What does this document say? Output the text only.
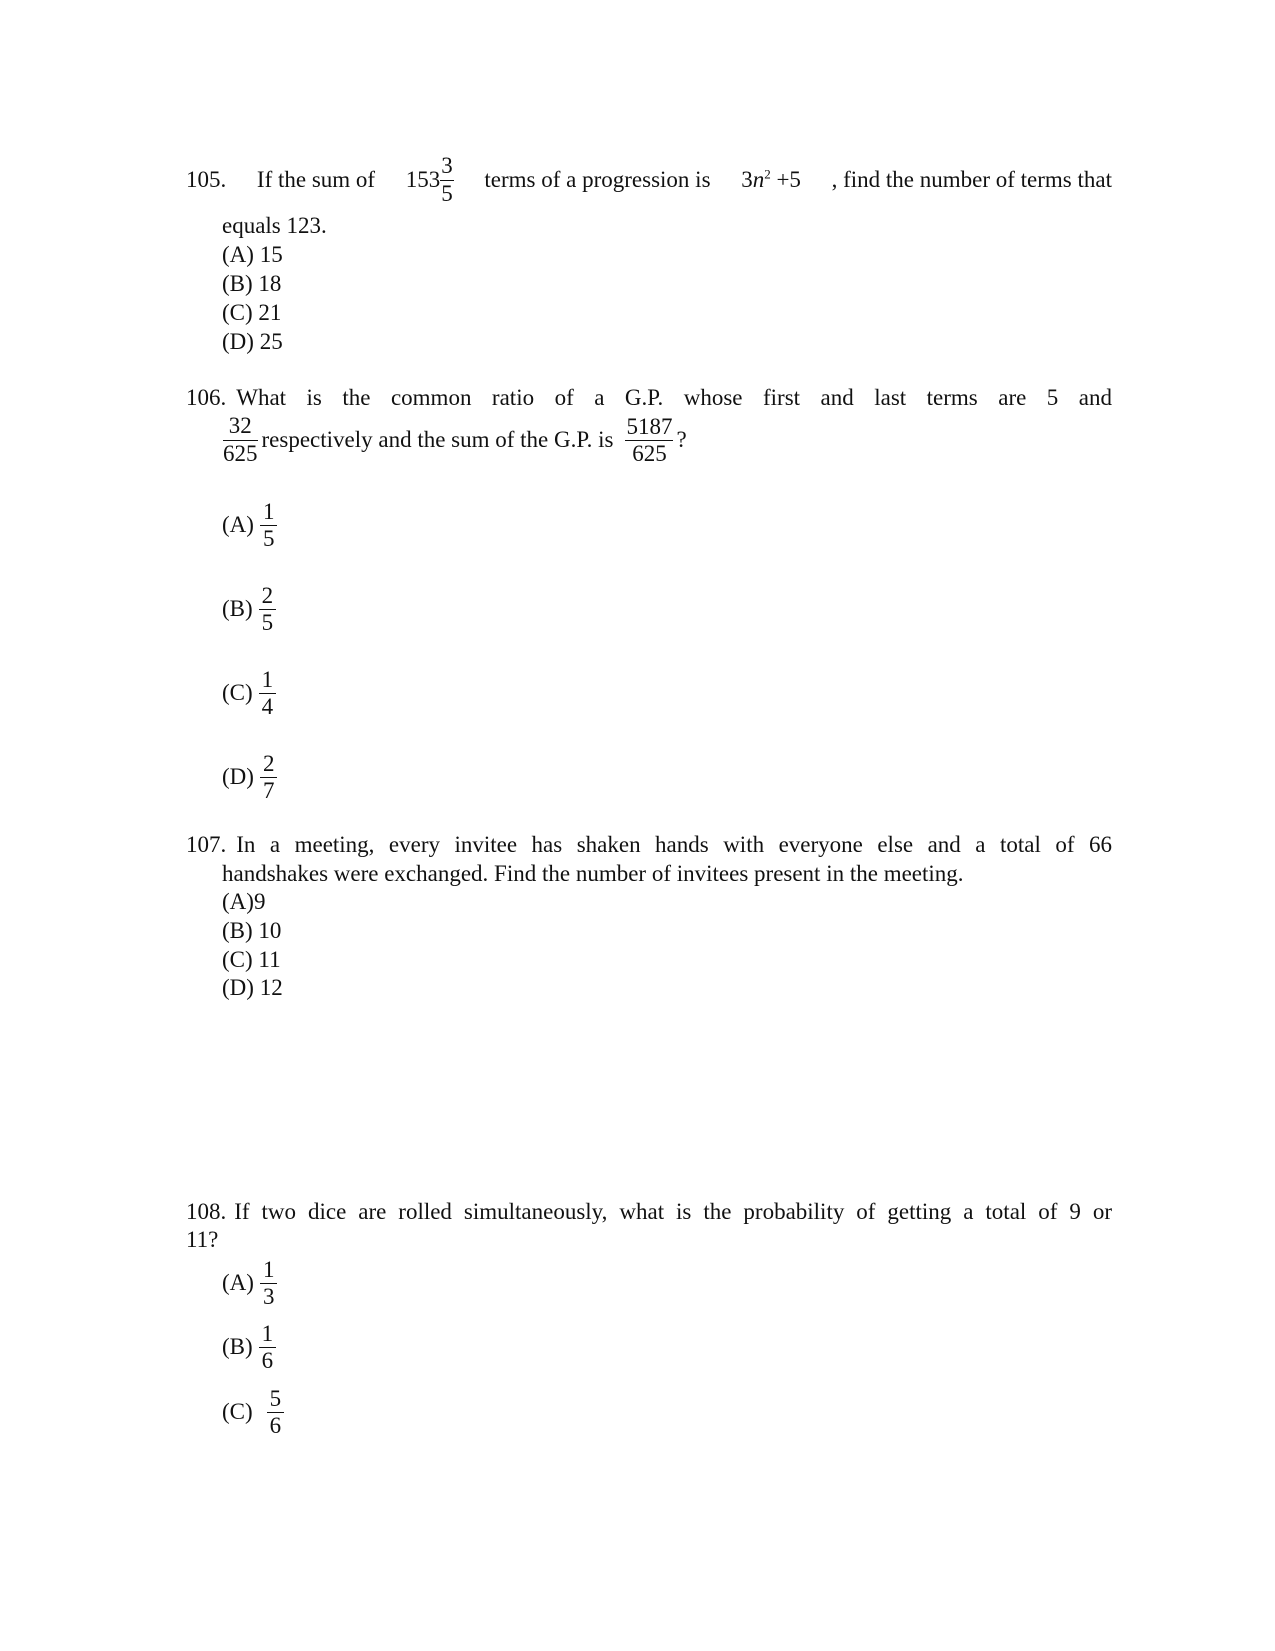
105. If the sum of $153 \frac{3}{5}$ terms of a progression is $3n^2 +5$ , find the number of terms that
equals 123.
(A) 15
(B) 18
(C) 21
(D) 25
106. What is the common ratio of a G.P. whose first and last terms are 5 and
$\frac{32}{625}$ respectively and the sum of the G.P. is $\frac{5187}{625}$ ?
$(A) \frac{1}{5}$
$(B) \frac{2}{5}$
$(C) \frac{1}{4}$
$(D) \frac{2}{7}$
107. In a meeting, every invitee has shaken hands with everyone else and a total of 66
handshakes were exchanged. Find the number of invitees present in the meeting.
(A)9
(B) 10
(C) 11
(D) 12
108. If two dice are rolled simultaneously, what is the probability of getting a total of 9 or
11?
$(A) \frac{1}{3}$
$(B) \frac{1}{6}$
$(C) \frac{5}{6}$
